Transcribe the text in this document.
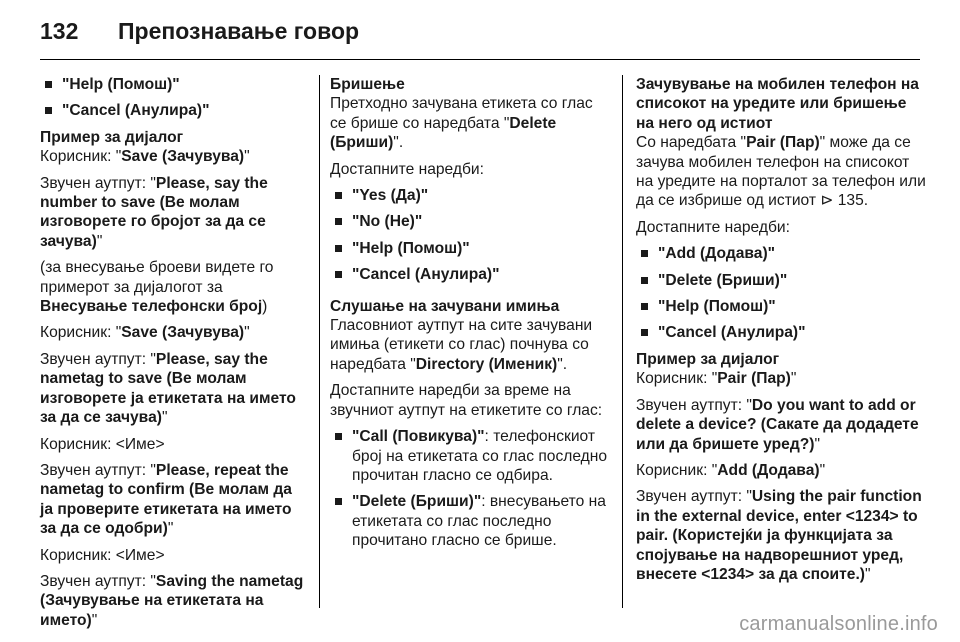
132	Препознавање говор

"Help (Помош)"

"Cancel (Анулира)"

Пример за дијалог

Корисник: "Save (Зачувува)"

Звучен аутпут: "Please, say the number to save (Ве молам изговорете го бројот за да се зачува)"

(за внесување броеви видете го примерот за дијалогот за Внесување телефонски број)

Корисник: "Save (Зачувува)"

Звучен аутпут: "Please, say the nametag to save (Ве молам изговорете ја етикетата на името за да се зачува)"

Корисник: <Име>

Звучен аутпут: "Please, repeat the nametag to confirm (Ве молам да ја проверите етикетата на името за да се одобри)"

Корисник: <Име>

Звучен аутпут: "Saving the nametag (Зачувување на етикетата на името)"

Бришење

Претходно зачувана етикета со глас се брише со наредбата "Delete (Бриши)".

Достапните наредби:

"Yes (Да)"

"No (Не)"

"Help (Помош)"

"Cancel (Анулира)"

Слушање на зачувани имиња

Гласовниот аутпут на сите зачувани имиња (етикети со глас) почнува со наредбата "Directory (Именик)".

Достапните наредби за време на звучниот аутпут на етикетите со глас:

"Call (Повикува)": телефонскиот број на етикетата со глас последно прочитан гласно се одбира.

"Delete (Бриши)": внесувањето на етикетата со глас последно прочитано гласно се брише.

Зачувување на мобилен телефон на списокот на уредите или бришење на него од истиот

Со наредбата "Pair (Пар)" може да се зачува мобилен телефон на списокот на уредите на порталот за телефон или да се избрише од истиот ⊳ 135.

Достапните наредби:

"Add (Додава)"

"Delete (Бриши)"

"Help (Помош)"

"Cancel (Анулира)"

Пример за дијалог

Корисник: "Pair (Пар)"

Звучен аутпут: "Do you want to add or delete a device? (Сакате да додадете или да бришете уред?)"

Корисник: "Add (Додава)"

Звучен аутпут: "Using the pair function in the external device, enter <1234> to pair. (Користејќи ја функцијата за спојување на надворешниот уред, внесете <1234> за да споите.)"

carmanualsonline.info
